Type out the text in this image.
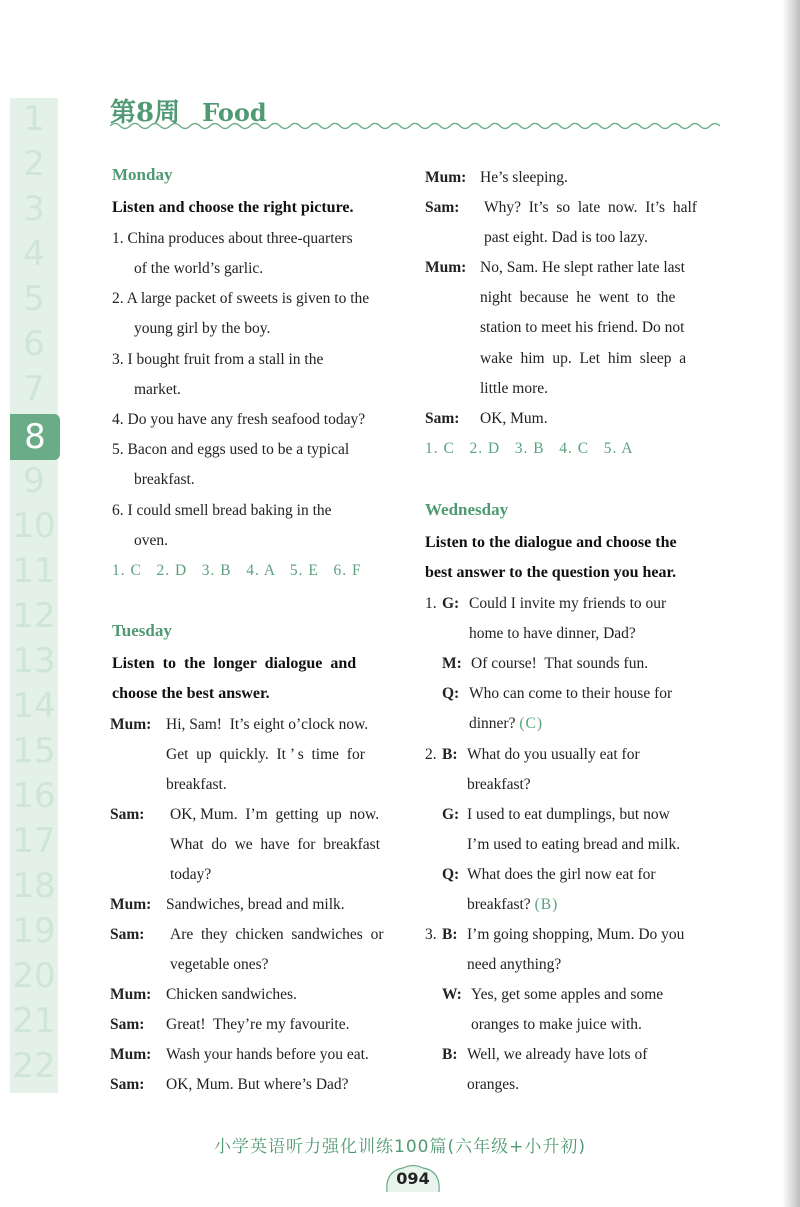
1
2
3
4
5
6
7
8
9
10
11
12
13
14
15
16
17
18
19
20
21
22
第8周 Food
Monday
Listen and choose the right picture.
1. China produces about three-quarters
of the world’s garlic.
2. A large packet of sweets is given to the
young girl by the boy.
3. I bought fruit from a stall in the
market.
4. Do you have any fresh seafood today?
5. Bacon and eggs used to be a typical
breakfast.
6. I could smell bread baking in the
oven.
1. C   2. D   3. B   4. A   5. E   6. F
Tuesday
Listen  to  the  longer  dialogue  and
choose the best answer.
Mum: Hi, Sam!  It’s eight o’clock now.
Get  up  quickly.  It ’ s  time  for
breakfast.
Sam: OK, Mum.  I’m  getting  up  now.
What  do  we  have  for  breakfast
today?
Mum: Sandwiches, bread and milk.
Sam: Are  they  chicken  sandwiches  or
vegetable ones?
Mum: Chicken sandwiches.
Sam: Great!  They’re my favourite.
Mum: Wash your hands before you eat.
Sam: OK, Mum. But where’s Dad?
Mum: He’s sleeping.
Sam: Why?  It’s  so  late  now.  It’s  half
past eight. Dad is too lazy.
Mum: No, Sam. He slept rather late last
night  because  he  went  to  the
station to meet his friend. Do not
wake  him  up.  Let  him  sleep  a
little more.
Sam: OK, Mum.
1. C   2. D   3. B   4. C   5. A
Wednesday
Listen to the dialogue and choose the
best answer to the question you hear.
1. G: Could I invite my friends to our
home to have dinner, Dad?
M: Of course!  That sounds fun.
Q: Who can come to their house for
dinner? (C)
2. B: What do you usually eat for
breakfast?
G: I used to eat dumplings, but now
I’m used to eating bread and milk.
Q: What does the girl now eat for
breakfast? (B)
3. B: I’m going shopping, Mum. Do you
need anything?
W: Yes, get some apples and some
oranges to make juice with.
B: Well, we already have lots of
oranges.
小学英语听力强化训练100篇(六年级+小升初)
094
